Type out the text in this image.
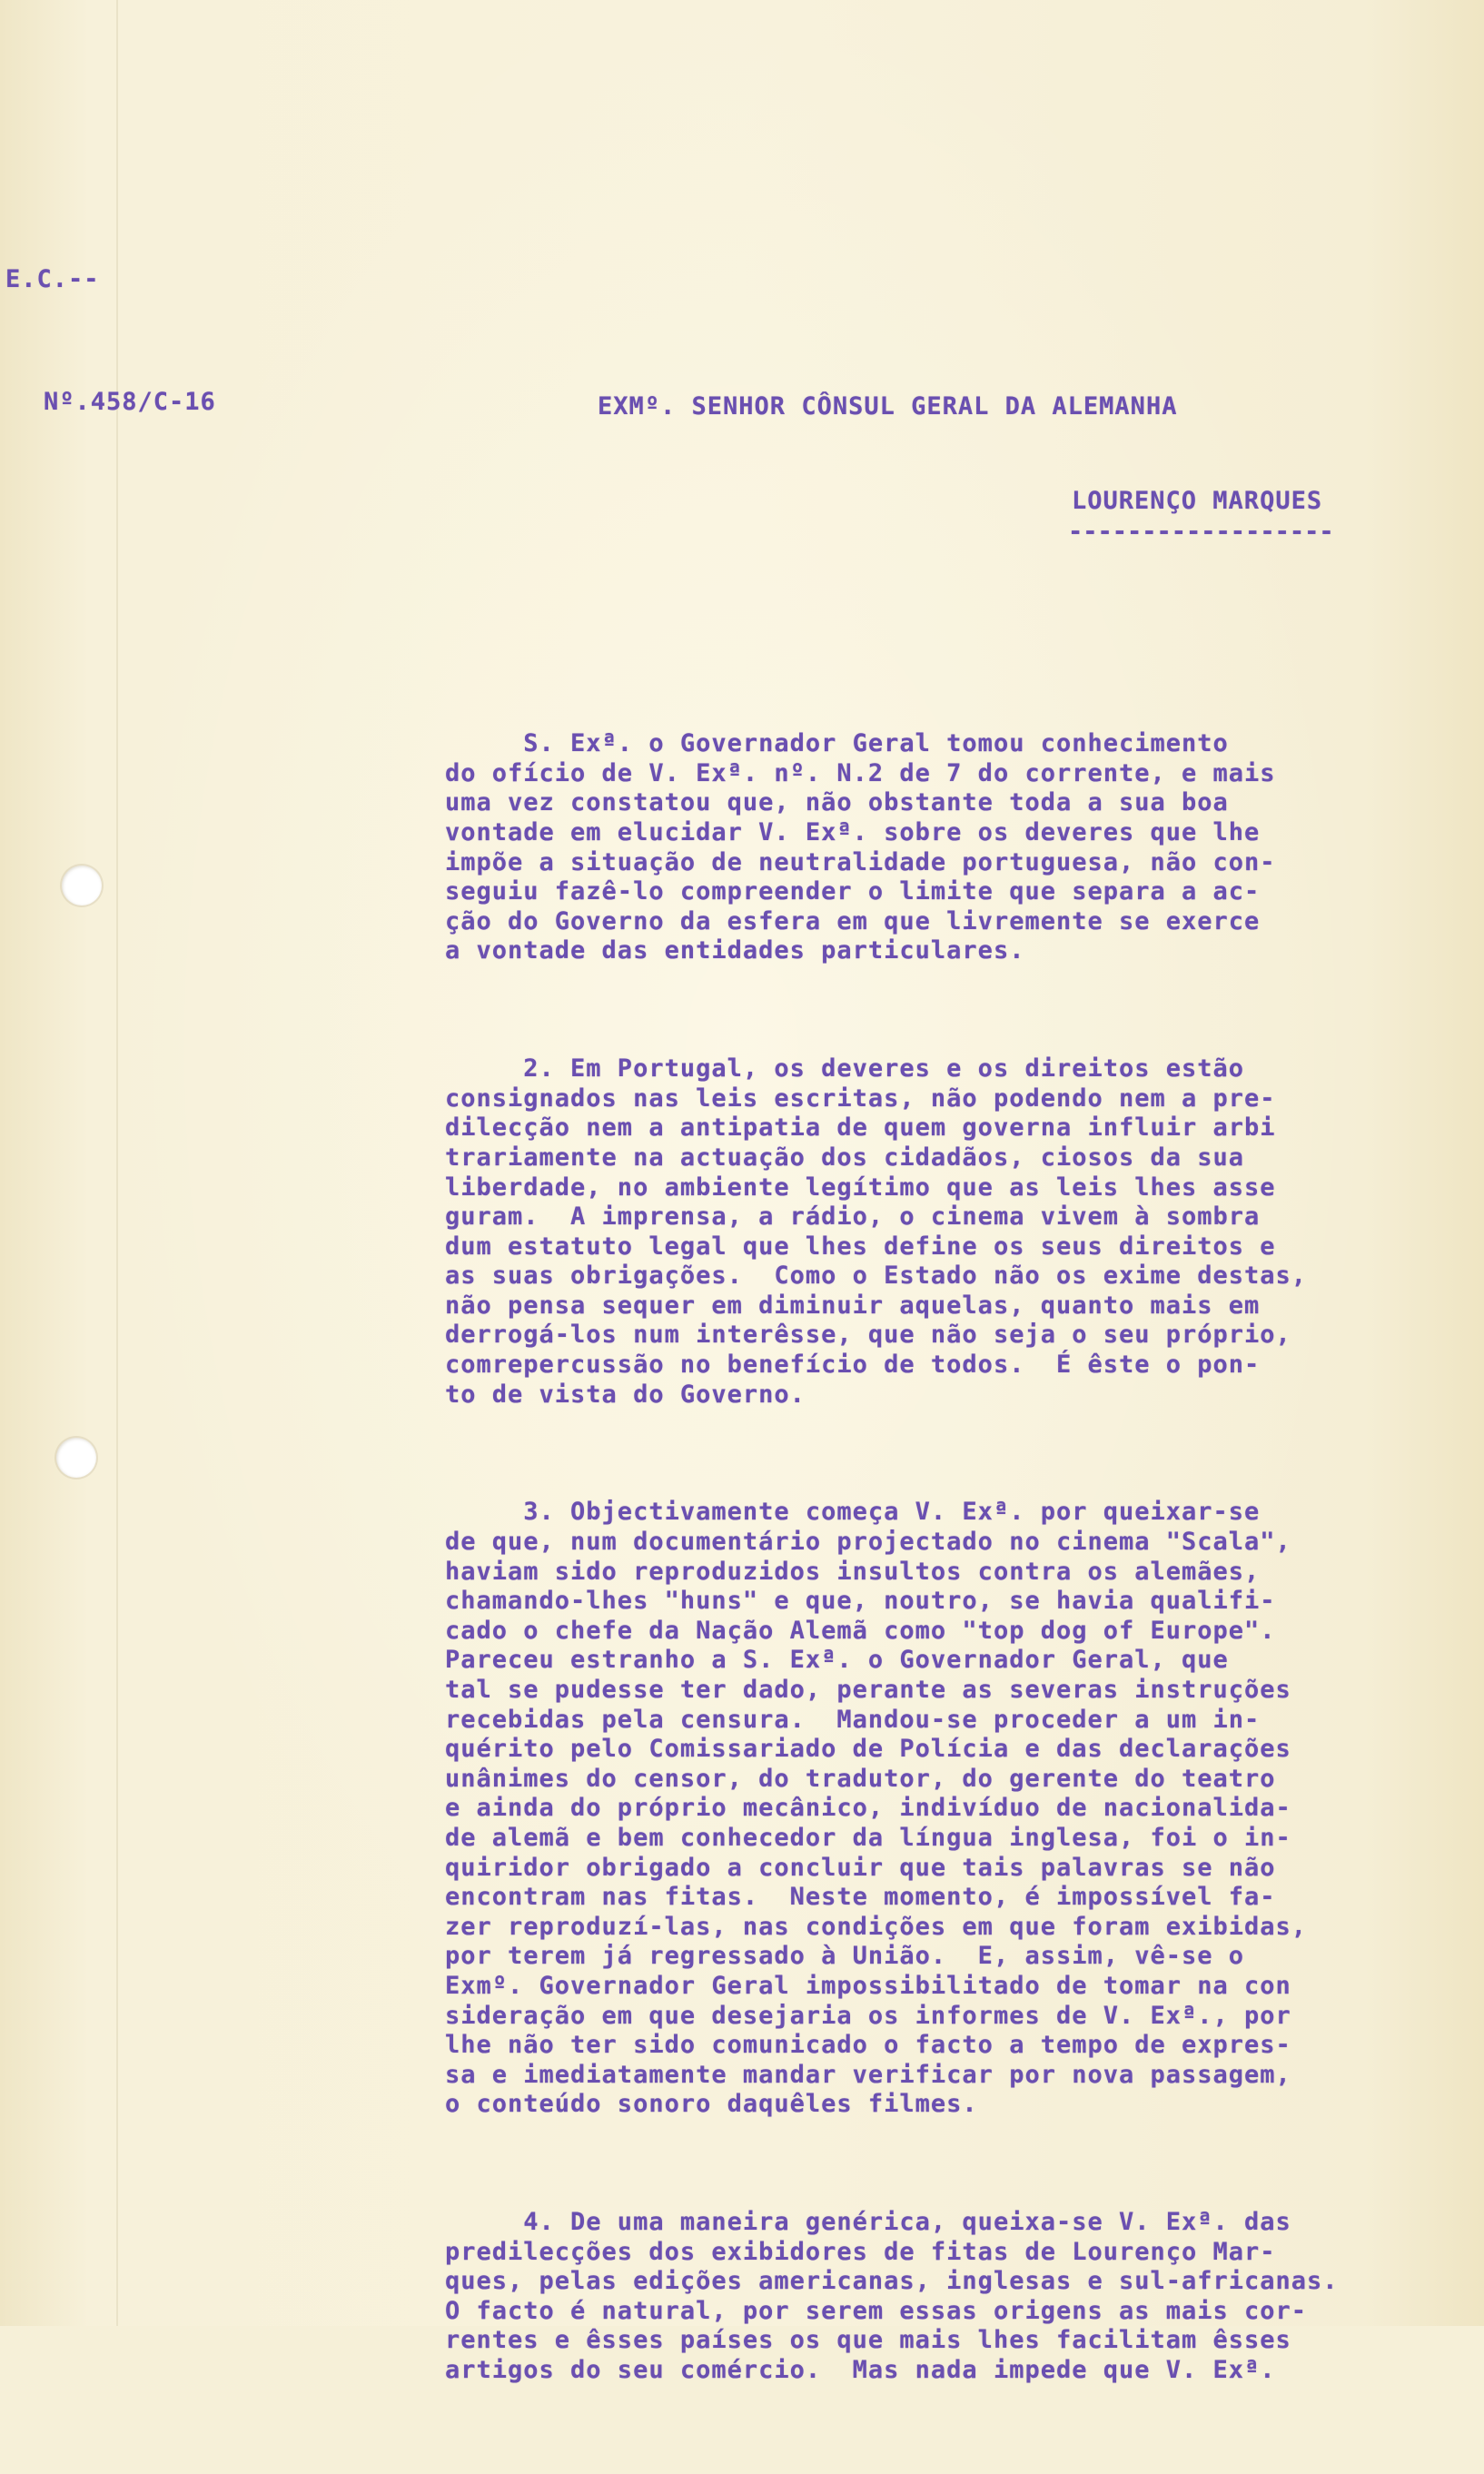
E.C.--
Nº.458/C-16	EXMº. SENHOR CÔNSUL GERAL DA ALEMANHA
LOURENÇO MARQUES
------------------

S. Exª. o Governador Geral tomou conhecimento
do ofício de V. Exª. nº. N.2 de 7 do corrente, e mais
uma vez constatou que, não obstante toda a sua boa
vontade em elucidar V. Exª. sobre os deveres que lhe
impõe a situação de neutralidade portuguesa, não con-
seguiu fazê-lo compreender o limite que separa a ac-
ção do Governo da esfera em que livremente se exerce
a vontade das entidades particulares.

2. Em Portugal, os deveres e os direitos estão
consignados nas leis escritas, não podendo nem a pre-
dilecção nem a antipatia de quem governa influir arbi
trariamente na actuação dos cidadãos, ciosos da sua
liberdade, no ambiente legítimo que as leis lhes asse
guram.  A imprensa, a rádio, o cinema vivem à sombra
dum estatuto legal que lhes define os seus direitos e
as suas obrigações.  Como o Estado não os exime destas,
não pensa sequer em diminuir aquelas, quanto mais em
derrogá-los num interêsse, que não seja o seu próprio,
comrepercussão no benefício de todos.  É êste o pon-
to de vista do Governo.

3. Objectivamente começa V. Exª. por queixar-se
de que, num documentário projectado no cinema "Scala",
haviam sido reproduzidos insultos contra os alemães,
chamando-lhes "huns" e que, noutro, se havia qualifi-
cado o chefe da Nação Alemã como "top dog of Europe".
Pareceu estranho a S. Exª. o Governador Geral, que
tal se pudesse ter dado, perante as severas instruções
recebidas pela censura.  Mandou-se proceder a um in-
quérito pelo Comissariado de Polícia e das declarações
unânimes do censor, do tradutor, do gerente do teatro
e ainda do próprio mecânico, indivíduo de nacionalida-
de alemã e bem conhecedor da língua inglesa, foi o in-
quiridor obrigado a concluir que tais palavras se não
encontram nas fitas.  Neste momento, é impossível fa-
zer reproduzí-las, nas condições em que foram exibidas,
por terem já regressado à União.  E, assim, vê-se o
Exmº. Governador Geral impossibilitado de tomar na con
sideração em que desejaria os informes de V. Exª., por
lhe não ter sido comunicado o facto a tempo de expres-
sa e imediatamente mandar verificar por nova passagem,
o conteúdo sonoro daquêles filmes.

4. De uma maneira genérica, queixa-se V. Exª. das
predilecções dos exibidores de fitas de Lourenço Mar-
ques, pelas edições americanas, inglesas e sul-africanas.
O facto é natural, por serem essas origens as mais cor-
rentes e êsses países os que mais lhes facilitam êsses
artigos do seu comércio.  Mas nada impede que V. Exª.
